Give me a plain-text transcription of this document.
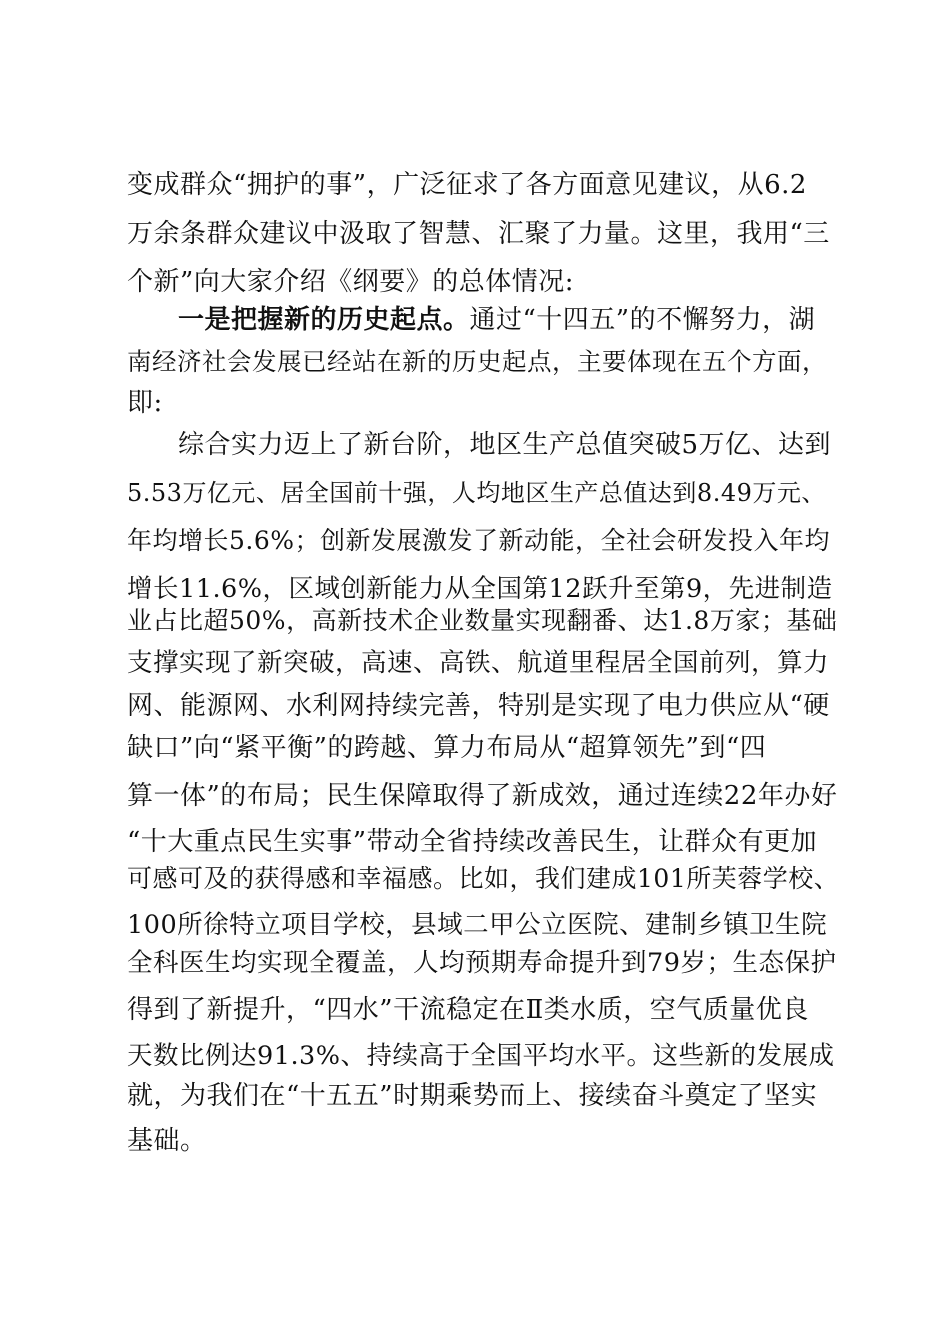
变成群众“拥护的事”，广泛征求了各方面意见建议，从6.2
万余条群众建议中汲取了智慧、汇聚了力量。这里，我用“三
个新”向大家介绍《纲要》的总体情况:
一是把握新的历史起点。通过“十四五”的不懈努力，湖
南经济社会发展已经站在新的历史起点，主要体现在五个方面，
即:
综合实力迈上了新台阶，地区生产总值突破5万亿、达到
5.53万亿元、居全国前十强，人均地区生产总值达到8.49万元、
年均增长5.6%；创新发展激发了新动能，全社会研发投入年均
增长11.6%，区域创新能力从全国第12跃升至第9，先进制造
业占比超50%，高新技术企业数量实现翻番、达1.8万家；基础
支撑实现了新突破，高速、高铁、航道里程居全国前列，算力
网、能源网、水利网持续完善，特别是实现了电力供应从“硬
缺口”向“紧平衡”的跨越、算力布局从“超算领先”到“四
算一体”的布局；民生保障取得了新成效，通过连续22年办好
“十大重点民生实事”带动全省持续改善民生，让群众有更加
可感可及的获得感和幸福感。比如，我们建成101所芙蓉学校、
100所徐特立项目学校，县域二甲公立医院、建制乡镇卫生院
全科医生均实现全覆盖，人均预期寿命提升到79岁；生态保护
得到了新提升，“四水”干流稳定在Ⅱ类水质，空气质量优良
天数比例达91.3%、持续高于全国平均水平。这些新的发展成
就，为我们在“十五五”时期乘势而上、接续奋斗奠定了坚实
基础。
